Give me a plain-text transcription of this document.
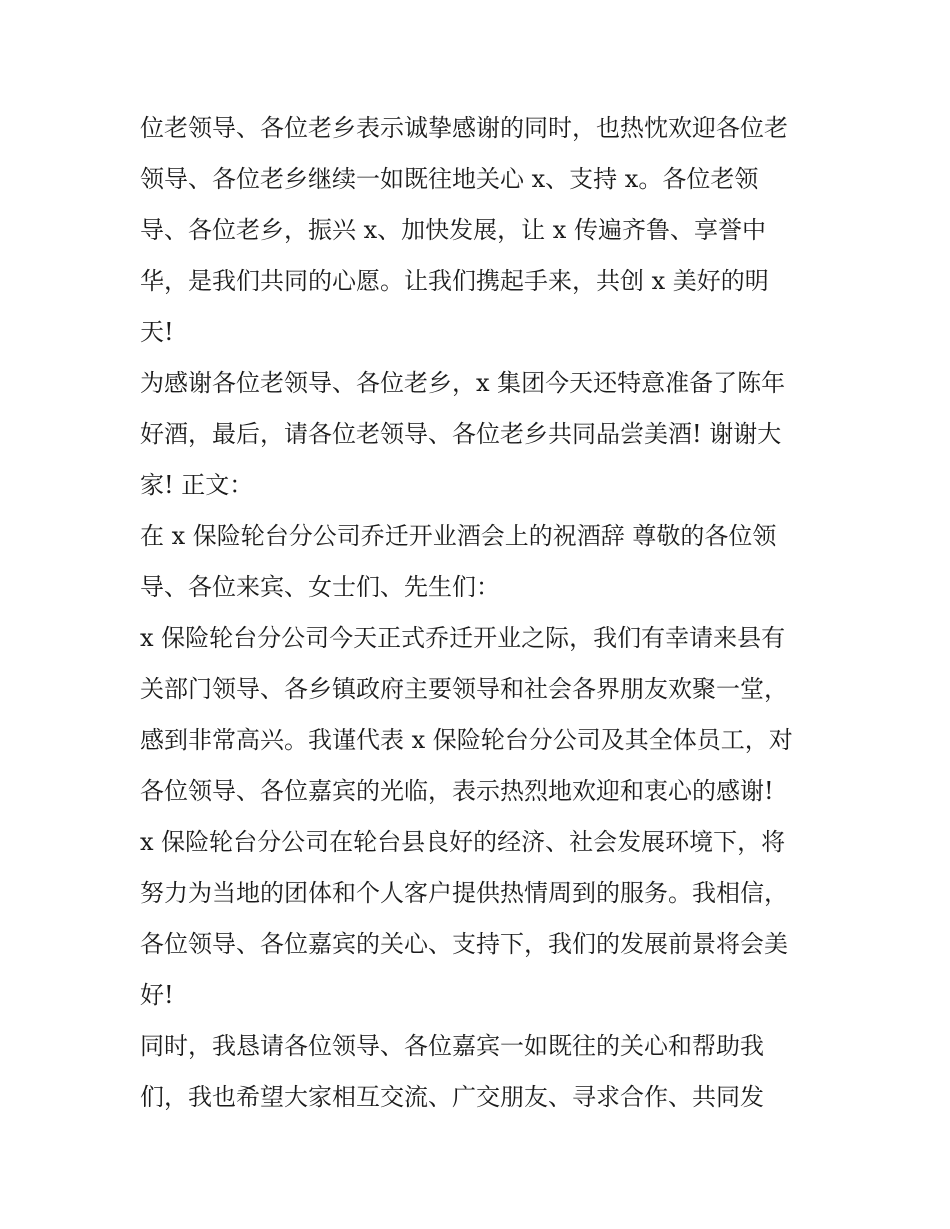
位老领导、各位老乡表示诚挚感谢的同时，也热忱欢迎各位老
领导、各位老乡继续一如既往地关心 x、支持 x。各位老领
导、各位老乡，振兴 x、加快发展，让 x 传遍齐鲁、享誉中
华，是我们共同的心愿。让我们携起手来，共创 x 美好的明
天!
为感谢各位老领导、各位老乡，x 集团今天还特意准备了陈年
好酒，最后，请各位老领导、各位老乡共同品尝美酒! 谢谢大
家! 正文：
在 x 保险轮台分公司乔迁开业酒会上的祝酒辞 尊敬的各位领
导、各位来宾、女士们、先生们：
x 保险轮台分公司今天正式乔迁开业之际，我们有幸请来县有
关部门领导、各乡镇政府主要领导和社会各界朋友欢聚一堂，
感到非常高兴。我谨代表 x 保险轮台分公司及其全体员工，对
各位领导、各位嘉宾的光临，表示热烈地欢迎和衷心的感谢!
x 保险轮台分公司在轮台县良好的经济、社会发展环境下，将
努力为当地的团体和个人客户提供热情周到的服务。我相信，
各位领导、各位嘉宾的关心、支持下，我们的发展前景将会美
好!
同时，我恳请各位领导、各位嘉宾一如既往的关心和帮助我
们，我也希望大家相互交流、广交朋友、寻求合作、共同发
